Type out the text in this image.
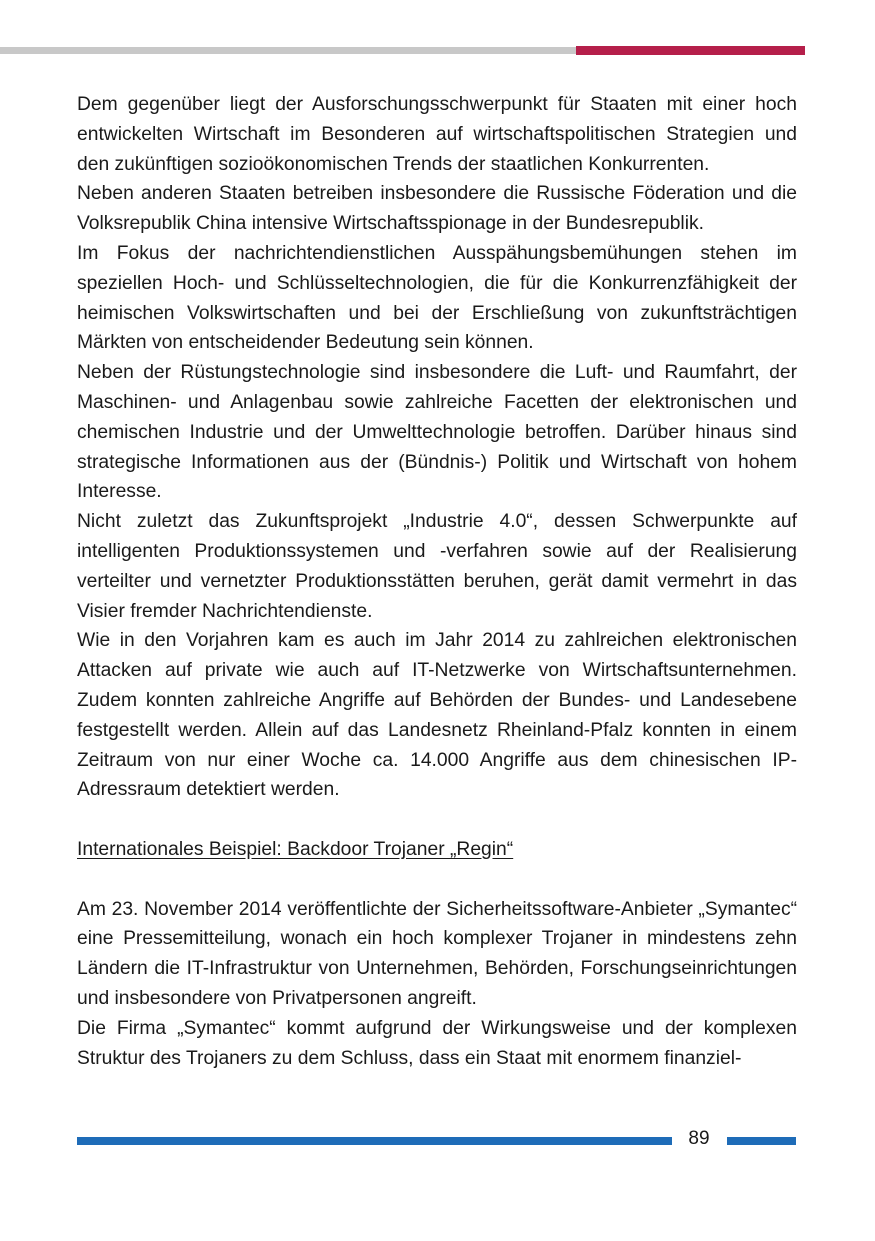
Dem gegenüber liegt der Ausforschungsschwerpunkt für Staaten mit einer hoch entwickelten Wirtschaft im Besonderen auf wirtschaftspolitischen Strategien und den zukünftigen sozioökonomischen Trends der staatlichen Konkurrenten.

Neben anderen Staaten betreiben insbesondere die Russische Föderation und die Volksrepublik China intensive Wirtschaftsspionage in der Bundesrepublik.

Im Fokus der nachrichtendienstlichen Ausspähungsbemühungen stehen im speziellen Hoch- und Schlüsseltechnologien, die für die Konkurrenzfähigkeit der heimischen Volkswirtschaften und bei der Erschließung von zukunftsträchtigen Märkten von entscheidender Bedeutung sein können.

Neben der Rüstungstechnologie sind insbesondere die Luft- und Raumfahrt, der Maschinen- und Anlagenbau sowie zahlreiche Facetten der elektronischen und chemischen Industrie und der Umwelttechnologie betroffen. Darüber hinaus sind strategische Informationen aus der (Bündnis-) Politik und Wirtschaft von hohem Interesse.

Nicht zuletzt das Zukunftsprojekt „Industrie 4.0“, dessen Schwerpunkte auf intelligenten Produktionssystemen und -verfahren sowie auf der Realisierung verteilter und vernetzter Produktionsstätten beruhen, gerät damit vermehrt in das Visier fremder Nachrichtendienste.

Wie in den Vorjahren kam es auch im Jahr 2014 zu zahlreichen elektronischen Attacken auf private wie auch auf IT-Netzwerke von Wirtschaftsunternehmen. Zudem konnten zahlreiche Angriffe auf Behörden der Bundes- und Landesebene festgestellt werden. Allein auf das Landesnetz Rheinland-Pfalz konnten in einem Zeitraum von nur einer Woche ca. 14.000 Angriffe aus dem chinesischen IP-Adressraum detektiert werden.

Internationales Beispiel: Backdoor Trojaner „Regin“

Am 23. November 2014 veröffentlichte der Sicherheitssoftware-Anbieter „Symantec“ eine Pressemitteilung, wonach ein hoch komplexer Trojaner in mindestens zehn Ländern die IT-Infrastruktur von Unternehmen, Behörden, Forschungseinrichtungen und insbesondere von Privatpersonen angreift.

Die Firma „Symantec“ kommt aufgrund der Wirkungsweise und der komplexen Struktur des Trojaners zu dem Schluss, dass ein Staat mit enormem finanziel-

89
